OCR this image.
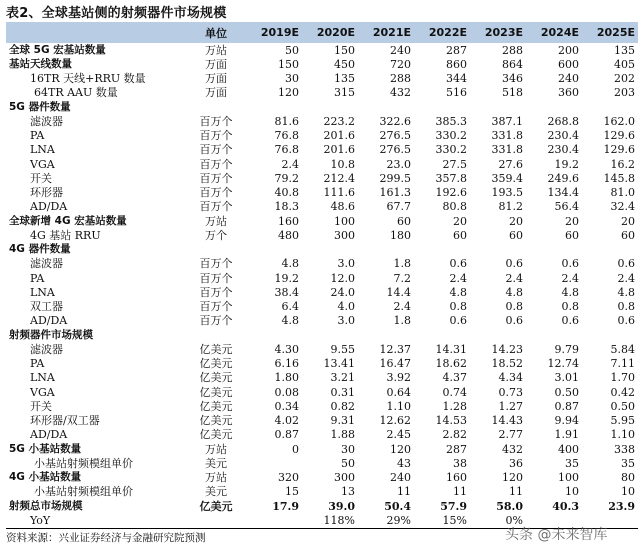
表2、全球基站侧的射频器件市场规模
	单位	2019E	2020E	2021E	2022E	2023E	2024E	2025E
全球 5G 宏基站数量	万站	50	150	240	287	288	200	135
基站天线数量	万面	150	450	720	860	864	600	405
16TR 天线+RRU 数量	万面	30	135	288	344	346	240	202
64TR AAU 数量	万面	120	315	432	516	518	360	203
5G 器件数量								
滤波器	百万个	81.6	223.2	322.6	385.3	387.1	268.8	162.0
PA	百万个	76.8	201.6	276.5	330.2	331.8	230.4	129.6
LNA	百万个	76.8	201.6	276.5	330.2	331.8	230.4	129.6
VGA	百万个	2.4	10.8	23.0	27.5	27.6	19.2	16.2
开关	百万个	79.2	212.4	299.5	357.8	359.4	249.6	145.8
环形器	百万个	40.8	111.6	161.3	192.6	193.5	134.4	81.0
AD/DA	百万个	18.3	48.6	67.7	80.8	81.2	56.4	32.4
全球新增 4G 宏基站数量	万站	160	100	60	20	20	20	20
4G 基站 RRU	万个	480	300	180	60	60	60	60
4G 器件数量								
滤波器	百万个	4.8	3.0	1.8	0.6	0.6	0.6	0.6
PA	百万个	19.2	12.0	7.2	2.4	2.4	2.4	2.4
LNA	百万个	38.4	24.0	14.4	4.8	4.8	4.8	4.8
双工器	百万个	6.4	4.0	2.4	0.8	0.8	0.8	0.8
AD/DA	百万个	4.8	3.0	1.8	0.6	0.6	0.6	0.6
射频器件市场规模								
滤波器	亿美元	4.30	9.55	12.37	14.31	14.23	9.79	5.84
PA	亿美元	6.16	13.41	16.47	18.62	18.52	12.74	7.11
LNA	亿美元	1.80	3.21	3.92	4.37	4.34	3.01	1.70
VGA	亿美元	0.08	0.31	0.64	0.74	0.73	0.50	0.42
开关	亿美元	0.34	0.82	1.10	1.28	1.27	0.87	0.50
环形器/双工器	亿美元	4.02	9.31	12.62	14.53	14.43	9.94	5.95
AD/DA	亿美元	0.87	1.88	2.45	2.82	2.77	1.91	1.10
5G 小基站数量	万站	0	30	120	287	432	400	338
小基站射频模组单价	美元		50	43	38	36	35	35
4G 小基站数量	万站	320	300	240	160	120	100	80
小基站射频模组单价	美元	15	13	11	11	11	10	10
射频总市场规模	亿美元	17.9	39.0	50.4	57.9	58.0	40.3	23.9
YoY			118%	29%	15%	0%		
资料来源：兴业证券经济与金融研究院预测	头条 @未来智库
